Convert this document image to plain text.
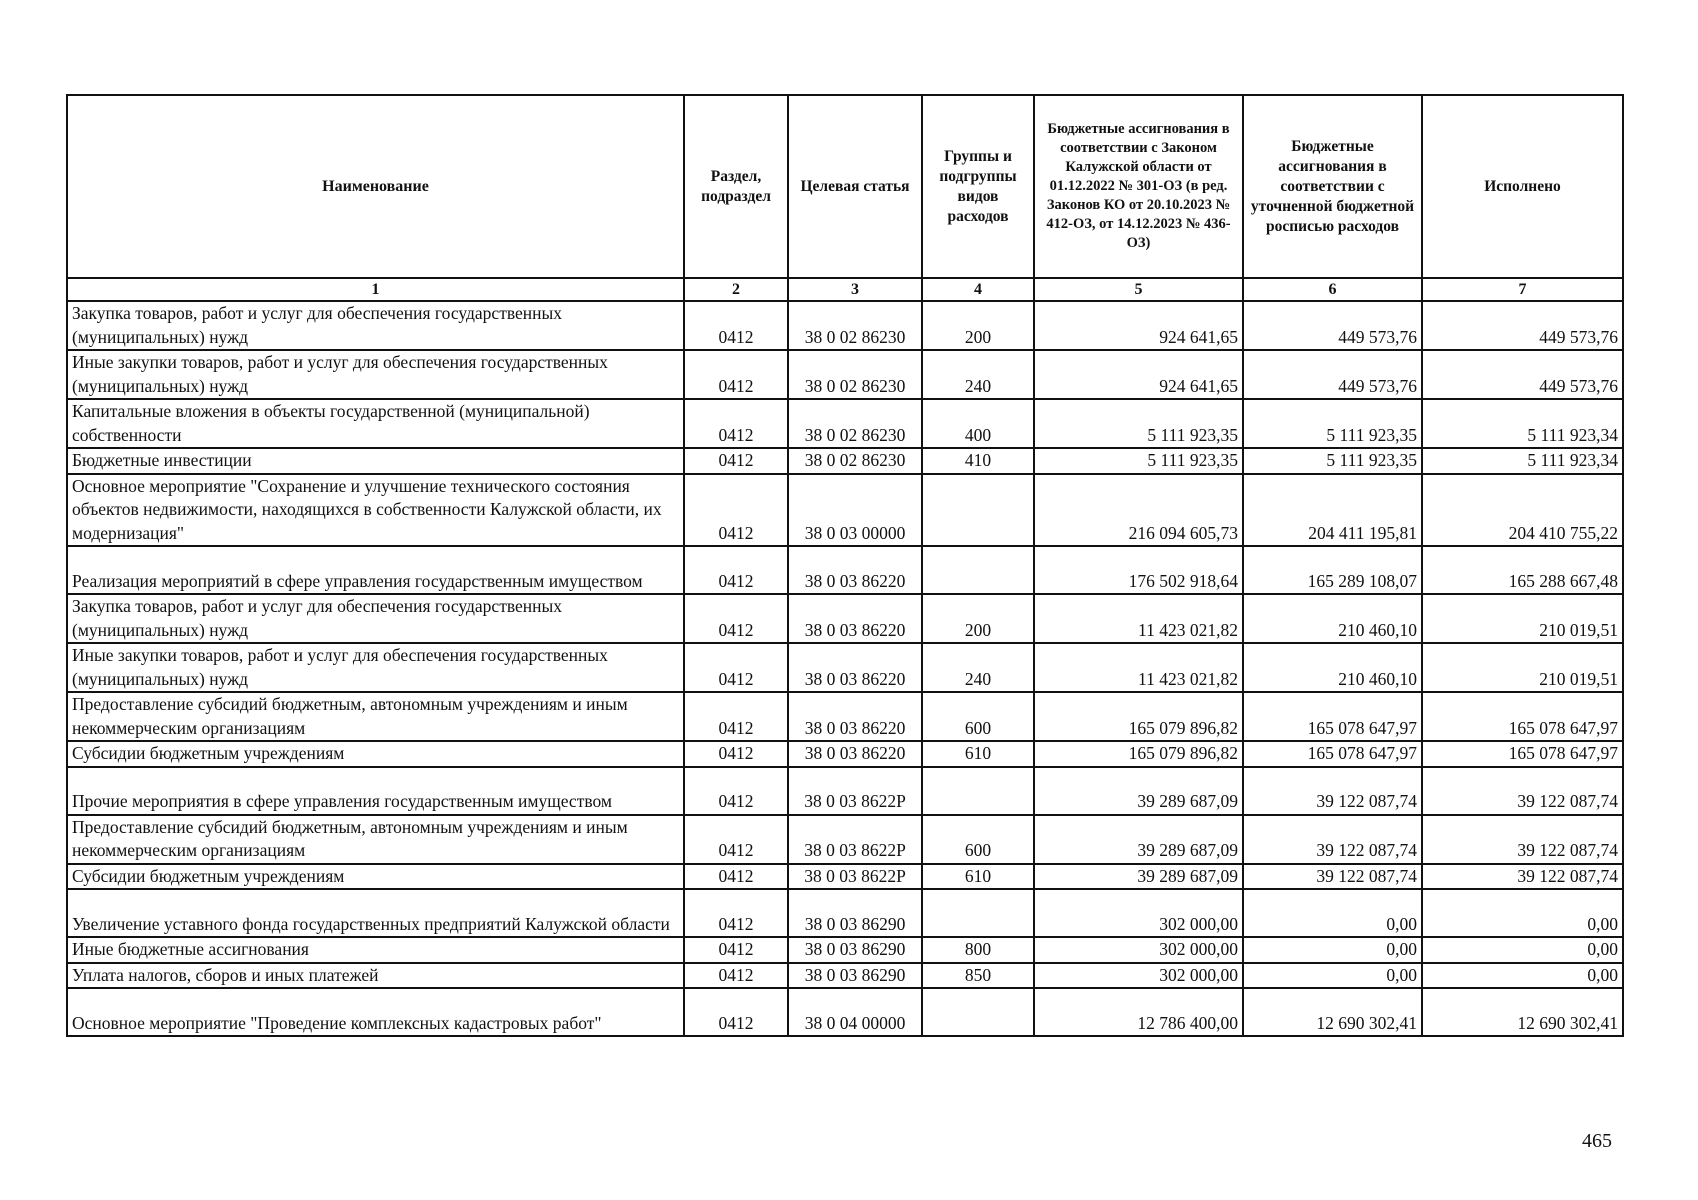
Наименование	Раздел, подраздел	Целевая статья	Группы и подгруппы видов расходов	Бюджетные ассигнования в соответствии с Законом Калужской области от 01.12.2022 № 301-ОЗ (в ред. Законов КО от 20.10.2023 № 412-ОЗ, от 14.12.2023 № 436-ОЗ)	Бюджетные ассигнования в соответствии с уточненной бюджетной росписью расходов	Исполнено
1	2	3	4	5	6	7
Закупка товаров, работ и услуг для обеспечения государственных (муниципальных) нужд	0412	38 0 02 86230	200	924 641,65	449 573,76	449 573,76
Иные закупки товаров, работ и услуг для обеспечения государственных (муниципальных) нужд	0412	38 0 02 86230	240	924 641,65	449 573,76	449 573,76
Капитальные вложения в объекты государственной (муниципальной) собственности	0412	38 0 02 86230	400	5 111 923,35	5 111 923,35	5 111 923,34
Бюджетные инвестиции	0412	38 0 02 86230	410	5 111 923,35	5 111 923,35	5 111 923,34
Основное мероприятие "Сохранение и улучшение технического состояния объектов недвижимости, находящихся в собственности Калужской области, их модернизация"	0412	38 0 03 00000		216 094 605,73	204 411 195,81	204 410 755,22
Реализация мероприятий в сфере управления государственным имуществом	0412	38 0 03 86220		176 502 918,64	165 289 108,07	165 288 667,48
Закупка товаров, работ и услуг для обеспечения государственных (муниципальных) нужд	0412	38 0 03 86220	200	11 423 021,82	210 460,10	210 019,51
Иные закупки товаров, работ и услуг для обеспечения государственных (муниципальных) нужд	0412	38 0 03 86220	240	11 423 021,82	210 460,10	210 019,51
Предоставление субсидий бюджетным, автономным учреждениям и иным некоммерческим организациям	0412	38 0 03 86220	600	165 079 896,82	165 078 647,97	165 078 647,97
Субсидии бюджетным учреждениям	0412	38 0 03 86220	610	165 079 896,82	165 078 647,97	165 078 647,97
Прочие мероприятия в сфере управления государственным имуществом	0412	38 0 03 8622Р		39 289 687,09	39 122 087,74	39 122 087,74
Предоставление субсидий бюджетным, автономным учреждениям и иным некоммерческим организациям	0412	38 0 03 8622Р	600	39 289 687,09	39 122 087,74	39 122 087,74
Субсидии бюджетным учреждениям	0412	38 0 03 8622Р	610	39 289 687,09	39 122 087,74	39 122 087,74
Увеличение уставного фонда государственных предприятий Калужской области	0412	38 0 03 86290		302 000,00	0,00	0,00
Иные бюджетные ассигнования	0412	38 0 03 86290	800	302 000,00	0,00	0,00
Уплата налогов, сборов и иных платежей	0412	38 0 03 86290	850	302 000,00	0,00	0,00
Основное мероприятие "Проведение комплексных кадастровых работ"	0412	38 0 04 00000		12 786 400,00	12 690 302,41	12 690 302,41
465
